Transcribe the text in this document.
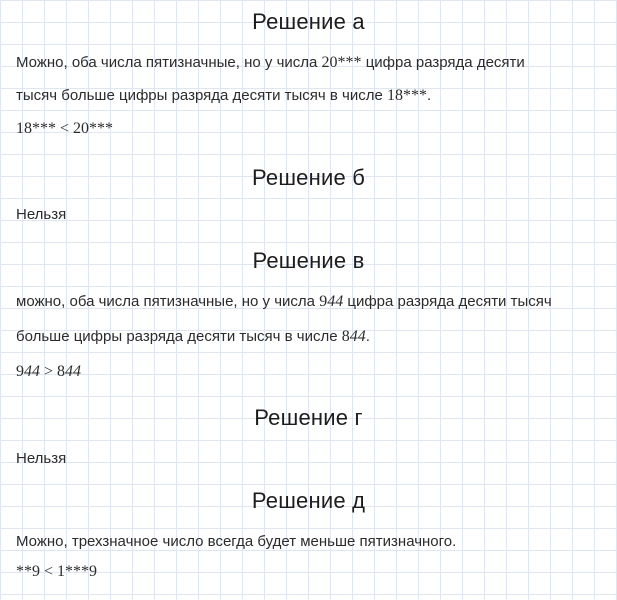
Решение а
Можно, оба числа пятизначные, но у числа 20*** цифра разряда десяти
тысяч больше цифры разряда десяти тысяч в числе 18***.
18*** < 20***
Решение б
Нельзя
Решение в
можно, оба числа пятизначные, но у числа 944 цифра разряда десяти тысяч
больше цифры разряда десяти тысяч в числе 844.
944 > 844
Решение г
Нельзя
Решение д
Можно, трехзначное число всегда будет меньше пятизначного.
**9 < 1***9
